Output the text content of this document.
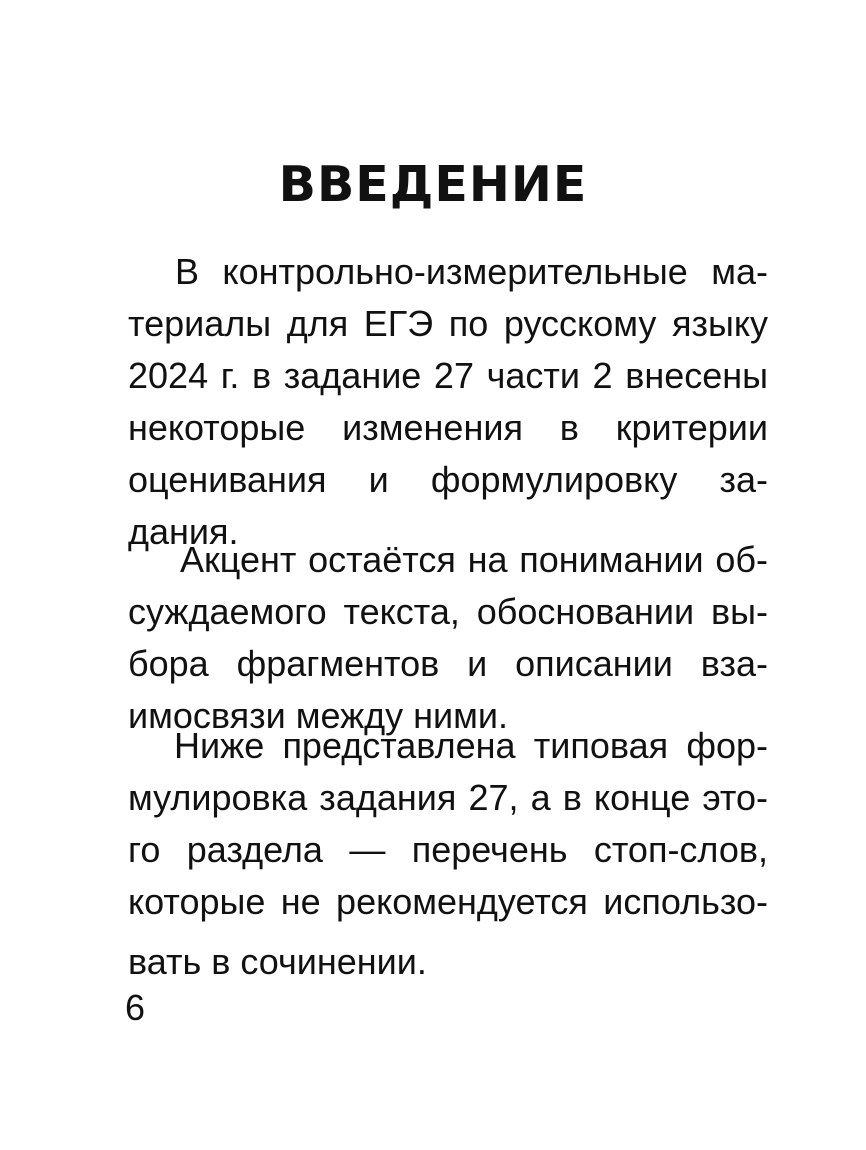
ВВЕДЕНИЕ
В контрольно-измерительные ма-
териалы для ЕГЭ по русскому языку
2024 г. в задание 27 части 2 внесены
некоторые изменения в критерии
оценивания и формулировку за-
дания.
Акцент остаётся на понимании об-
суждаемого текста, обосновании вы-
бора фрагментов и описании вза-
имосвязи между ними.
Ниже представлена типовая фор-
мулировка задания 27, а в конце это-
го раздела — перечень стоп-слов,
которые не рекомендуется использо-
вать в сочинении.
6
